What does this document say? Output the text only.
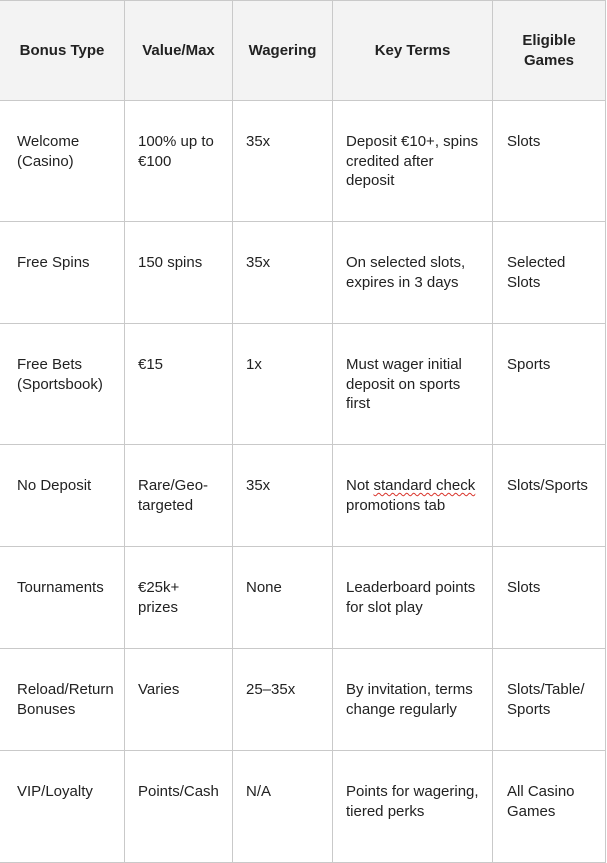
Bonus Type	Value/Max	Wagering	Key Terms	Eligible Games
Welcome (Casino)	100% up to €100	35x	Deposit €10+, spins credited after deposit	Slots
Free Spins	150 spins	35x	On selected slots, expires in 3 days	Selected Slots
Free Bets (Sportsbook)	€15	1x	Must wager initial deposit on sports first	Sports
No Deposit	Rare/Geo-targeted	35x	Not standard check promotions tab	Slots/Sports
Tournaments	€25k+ prizes	None	Leaderboard points for slot play	Slots
Reload/Return Bonuses	Varies	25–35x	By invitation, terms change regularly	Slots/Table/ Sports
VIP/Loyalty	Points/Cash	N/A	Points for wagering, tiered perks	All Casino Games
